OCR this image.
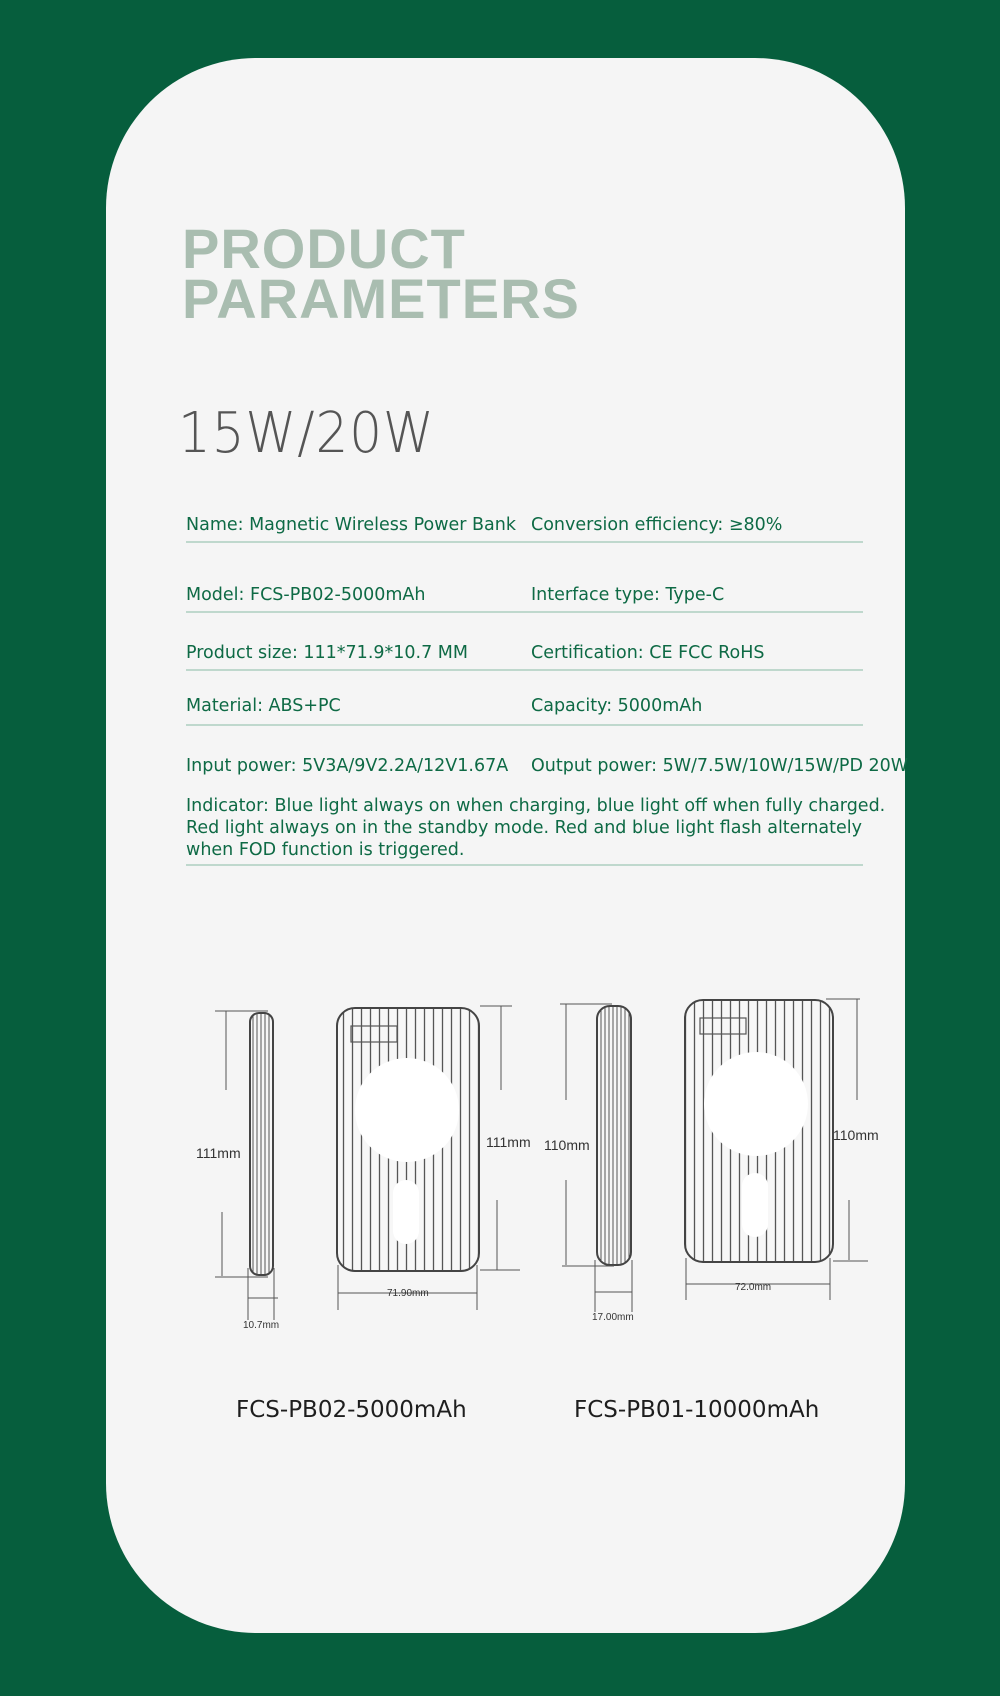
PRODUCT
PARAMETERS
15W/20W
Name: Magnetic Wireless Power Bank Conversion efficiency: ≥80%
Model: FCS-PB02-5000mAh	Interface type: Type-C
Product size: 111*71.9*10.7 MM	Certification: CE FCC RoHS
Material: ABS+PC	Capacity: 5000mAh
Input power: 5V3A/9V2.2A/12V1.67A Output power: 5W/7.5W/10W/15W/PD 20W
Indicator: Blue light always on when charging, blue light off when fully charged. Red light always on in the standby mode. Red and blue light flash alternately when FOD function is triggered.
111mm
10.7mm
111mm
71.90mm
110mm
17.00mm
110mm
72.0mm
FCS-PB02-5000mAh	FCS-PB01-10000mAh
